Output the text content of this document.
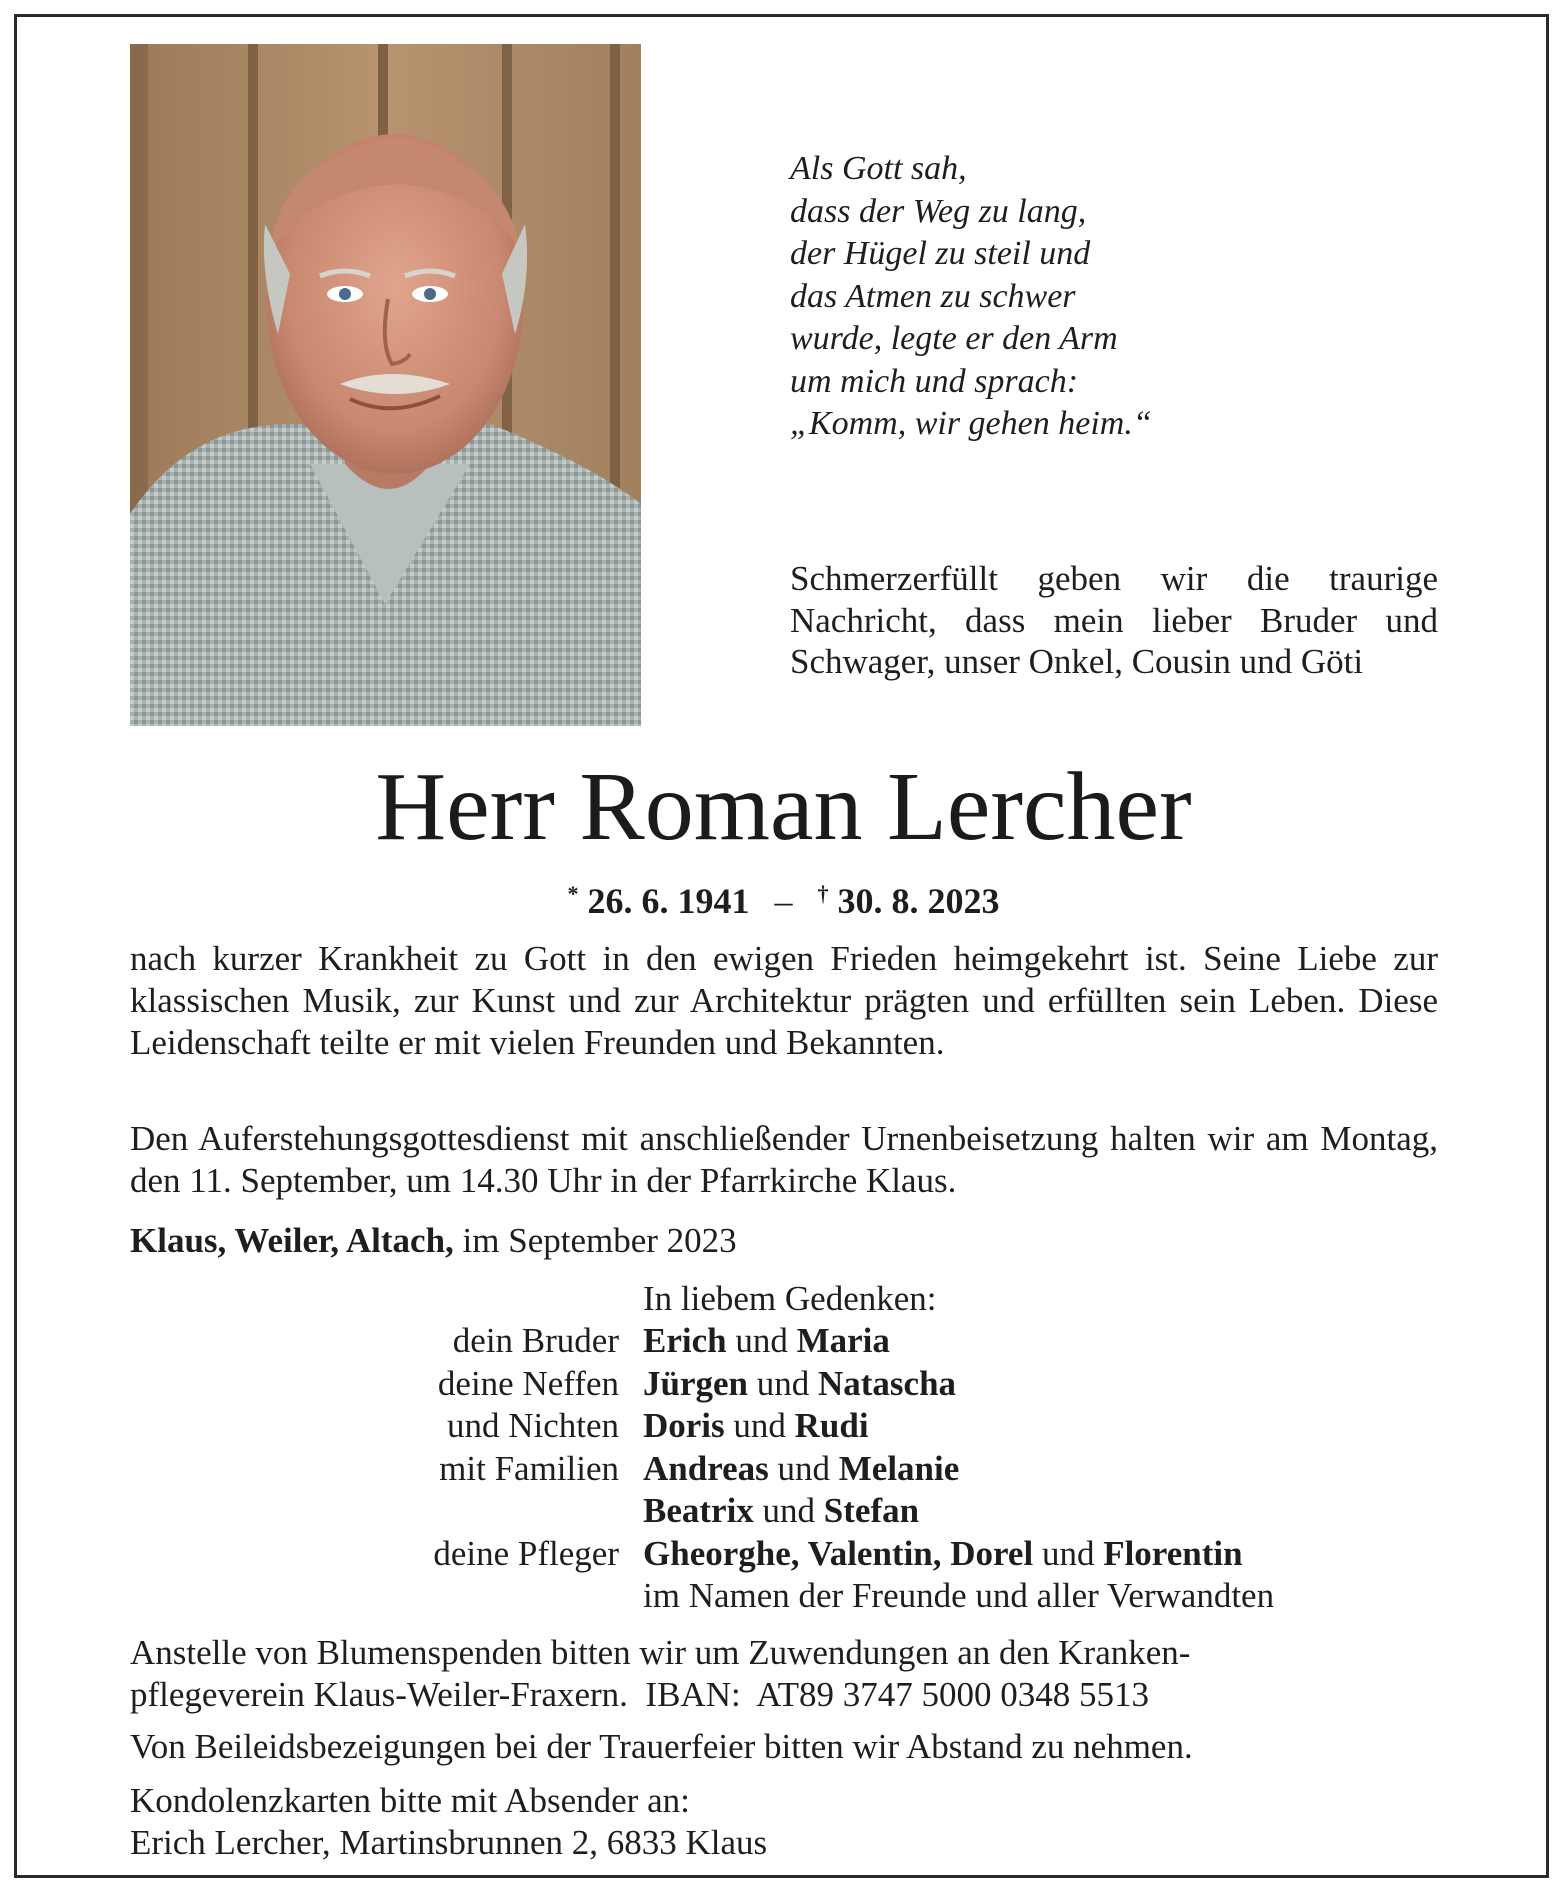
Als Gott sah,
dass der Weg zu lang,
der Hügel zu steil und
das Atmen zu schwer
wurde, legte er den Arm
um mich und sprach:
„Komm, wir gehen heim.“
Schmerzerfüllt geben wir die traurige Nachricht, dass mein lieber Bruder und Schwager, unser Onkel, Cousin und Göti
Herr Roman Lercher
* 26. 6. 1941 – † 30. 8. 2023
nach kurzer Krankheit zu Gott in den ewigen Frieden heimgekehrt ist. Seine Liebe zur klassischen Musik, zur Kunst und zur Architektur prägten und erfüllten sein Leben. Diese Leidenschaft teilte er mit vielen Freunden und Bekannten.
Den Auferstehungsgottesdienst mit anschließender Urnenbeisetzung halten wir am Montag, den 11. September, um 14.30 Uhr in der Pfarrkirche Klaus.
Klaus, Weiler, Altach, im September 2023
In liebem Gedenken:
dein Bruder Erich und Maria
deine Neffen Jürgen und Natascha
und Nichten Doris und Rudi
mit Familien Andreas und Melanie
Beatrix und Stefan
deine Pfleger Gheorghe, Valentin, Dorel und Florentin
im Namen der Freunde und aller Verwandten
Anstelle von Blumenspenden bitten wir um Zuwendungen an den Kranken-
pflegeverein Klaus-Weiler-Fraxern.  IBAN:  AT89 3747 5000 0348 5513
Von Beileidsbezeigungen bei der Trauerfeier bitten wir Abstand zu nehmen.
Kondolenzkarten bitte mit Absender an:
Erich Lercher, Martinsbrunnen 2, 6833 Klaus
